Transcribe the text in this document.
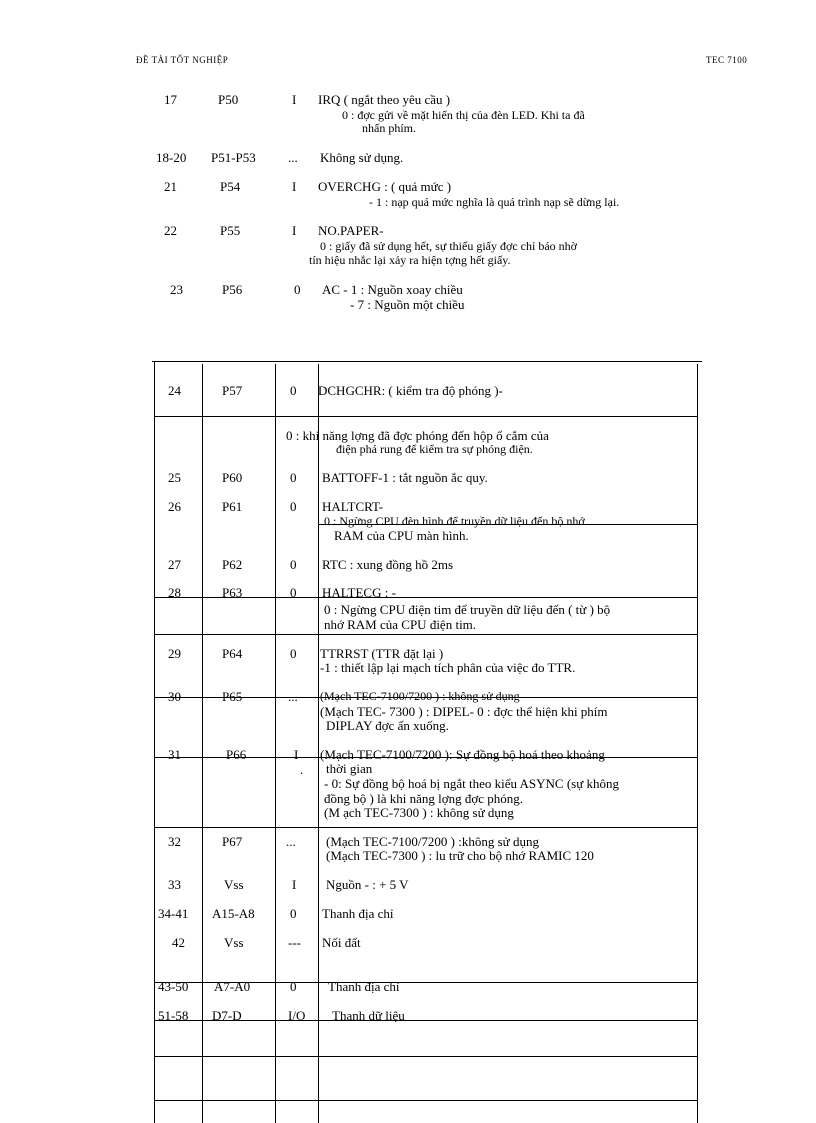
ĐỀ TÀI TỐT NGHIỆP	TEC 7100
17	P50	I IRQ ( ngắt theo yêu cầu )
0 : đợc gửi về mặt hiển thị của đèn LED. Khi ta đã
nhấn phím.
18-20 P51-P53 ... Không sử dụng.
21	P54	I OVERCHG : ( quá mức )
- 1 : nạp quá mức nghĩa là quá trình nạp sẽ dừng lại.
22	P55	I NO.PAPER-
0 : giấy đã sử dụng hết, sự thiếu giấy đợc chỉ báo nhờ
tín hiệu nhắc lại xảy ra hiện tợng hết giấy.
23	P56	0 AC - 1 : Nguồn xoay chiều
- 7 : Nguồn một chiều
24	P57	0 DCHGCHR: ( kiểm tra độ phóng )-
0 : khi năng lợng đã đợc phóng đến hộp ổ cắm của
điện phá rung để kiểm tra sự phóng điện.
25	P60	0 BATTOFF-1 : tắt nguồn ắc quy.
26	P61	0 HALTCRT-
0 : Ngừng CPU đèn hình để truyền dữ liệu đến bộ nhớ
RAM của CPU màn hình.
27	P62	0 RTC : xung đồng hồ 2ms
28	P63	0 HALTECG : -
0 : Ngừng CPU điện tim để truyền dữ liệu đến ( từ ) bộ
nhớ RAM của CPU điện tim.
29	P64	0 TTRRST (TTR đặt lại )
-1 : thiết lập lại mạch tích phân của việc đo TTR.
30	P65	... (Mạch TEC-7100/7200 ) : không sử dụng
(Mạch TEC- 7300 ) : DIPEL- 0 : đợc thể hiện khi phím
DIPLAY đợc ấn xuống.
31	P66	I
.
(Mạch TEC-7100/7200 ): Sự đồng bộ hoá theo khoảng
thời gian
- 0: Sự đồng bộ hoá bị ngắt theo kiểu ASYNC (sự không
đồng bộ ) là khi năng lợng đợc phóng.
(M ạch TEC-7300 ) : không sử dụng
32	P67	... (Mạch TEC-7100/7200 ) :không sử dụng
(Mạch TEC-7300 ) : lu trữ cho bộ nhớ RAMIC 120
33	Vss	I Nguồn - : + 5 V
34-41 A15-A8	0 Thanh địa chỉ
42	Vss	--- Nối đất
43-50 A7-A0	0 Thanh địa chỉ
51-58 D7-D	I/O Thanh dữ liệu
